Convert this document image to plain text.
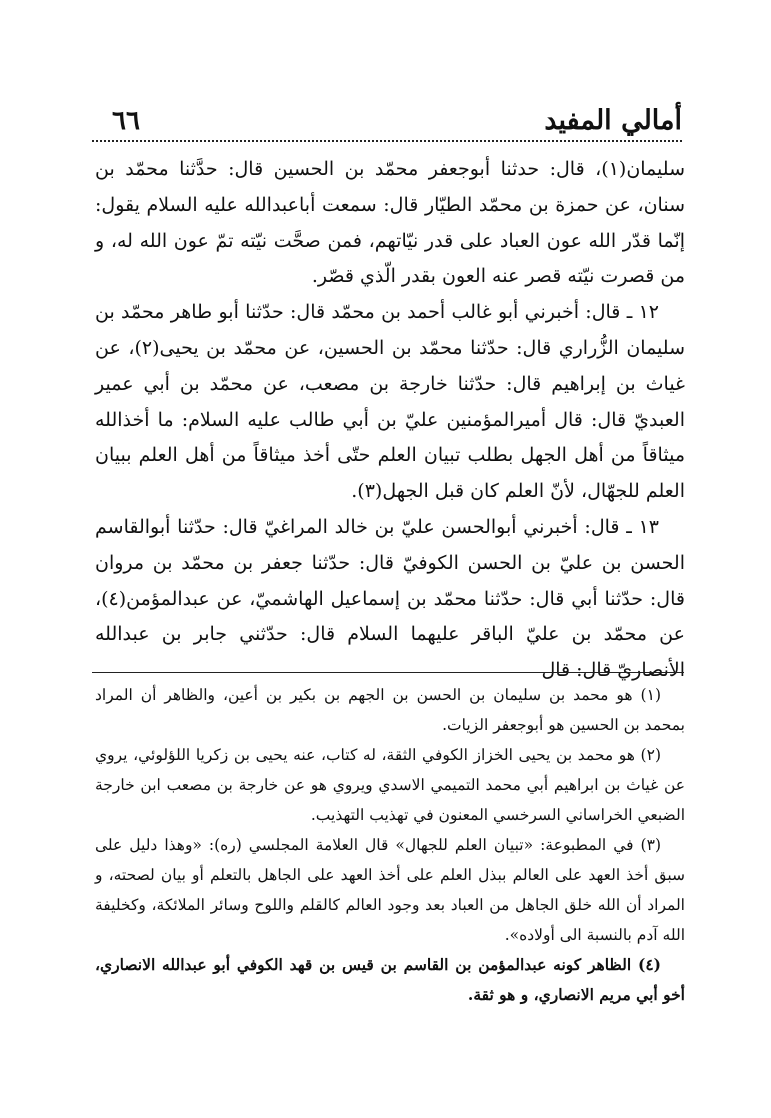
أمالي المفيد
٦٦

سليمان(١)، قال: حدثنا أبوجعفر محمّد بن الحسين قال: حدَّثنا محمّد بن سنان، عن حمزة بن محمّد الطيّار قال: سمعت أباعبدالله عليه السلام يقول: إنّما قدّر الله عون العباد على قدر نيّاتهم، فمن صحَّت نيّته تمّ عون الله له، و من قصرت نيّته قصر عنه العون بقدر الّذي قصّر.

١٢ ـ قال: أخبرني أبو غالب أحمد بن محمّد قال: حدّثنا أبو طاهر محمّد بن سليمان الزُّراري قال: حدّثنا محمّد بن الحسين، عن محمّد بن يحيى(٢)، عن غياث بن إبراهيم قال: حدّثنا خارجة بن مصعب، عن محمّد بن أبي عمير العبديّ قال: قال أميرالمؤمنين عليّ بن أبي طالب عليه السلام: ما أخذالله ميثاقاً من أهل الجهل بطلب تبيان العلم حتّى أخذ ميثاقاً من أهل العلم ببيان العلم للجهّال، لأنّ العلم كان قبل الجهل(٣).

١٣ ـ قال: أخبرني أبوالحسن عليّ بن خالد المراغيّ قال: حدّثنا أبوالقاسم الحسن بن عليّ بن الحسن الكوفيّ قال: حدّثنا جعفر بن محمّد بن مروان قال: حدّثنا أبي قال: حدّثنا محمّد بن إسماعيل الهاشميّ، عن عبدالمؤمن(٤)، عن محمّد بن عليّ الباقر عليهما السلام قال: حدّثني جابر بن عبدالله الأنصاريّ قال: قال

(١) هو محمد بن سليمان بن الحسن بن الجهم بن بكير بن أعين، والظاهر أن المراد بمحمد بن الحسين هو أبوجعفر الزيات.

(٢) هو محمد بن يحيى الخزاز الكوفي الثقة، له كتاب، عنه يحيى بن زكريا اللؤلوئي، يروي عن غياث بن ابراهيم أبي محمد التميمي الاسدي ويروي هو عن خارجة بن مصعب ابن خارجة الضبعي الخراساني السرخسي المعنون في تهذيب التهذيب.

(٣) في المطبوعة: «تبيان العلم للجهال» قال العلامة المجلسي (ره): «وهذا دليل على سبق أخذ العهد على العالم ببذل العلم على أخذ العهد على الجاهل بالتعلم أو بيان لصحته، و المراد أن الله خلق الجاهل من العباد بعد وجود العالم كالقلم واللوح وسائر الملائكة، وكخليفة الله آدم بالنسبة الى أولاده».

(٤) الظاهر كونه عبدالمؤمن بن القاسم بن قيس بن قهد الكوفي أبو عبدالله الانصاري، أخو أبي مريم الانصاري، و هو ثقة.
